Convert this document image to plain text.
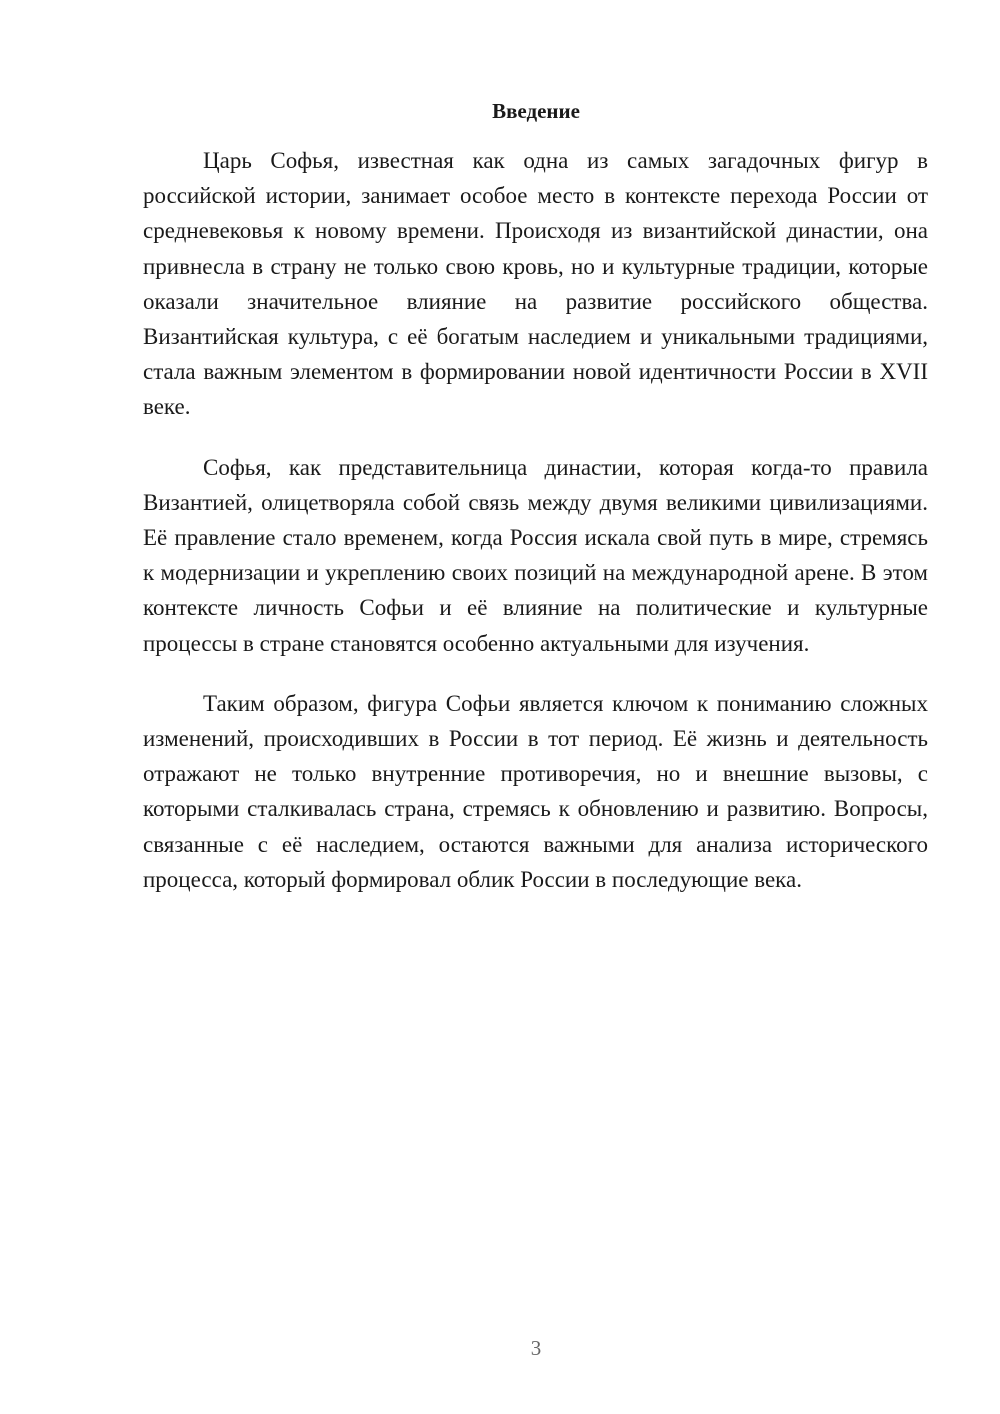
Введение

Царь Софья, известная как одна из самых загадочных фигур в российской истории, занимает особое место в контексте перехода России от средневековья к новому времени. Происходя из византийской династии, она привнесла в страну не только свою кровь, но и культурные традиции, которые оказали значительное влияние на развитие российского общества. Византийская культура, с её богатым наследием и уникальными традициями, стала важным элементом в формировании новой идентичности России в XVII веке.

Софья, как представительница династии, которая когда-то правила Византией, олицетворяла собой связь между двумя великими цивилизациями. Её правление стало временем, когда Россия искала свой путь в мире, стремясь к модернизации и укреплению своих позиций на международной арене. В этом контексте личность Софьи и её влияние на политические и культурные процессы в стране становятся особенно актуальными для изучения.

Таким образом, фигура Софьи является ключом к пониманию сложных изменений, происходивших в России в тот период. Её жизнь и деятельность отражают не только внутренние противоречия, но и внешние вызовы, с которыми сталкивалась страна, стремясь к обновлению и развитию. Вопросы, связанные с её наследием, остаются важными для анализа исторического процесса, который формировал облик России в последующие века.

3
